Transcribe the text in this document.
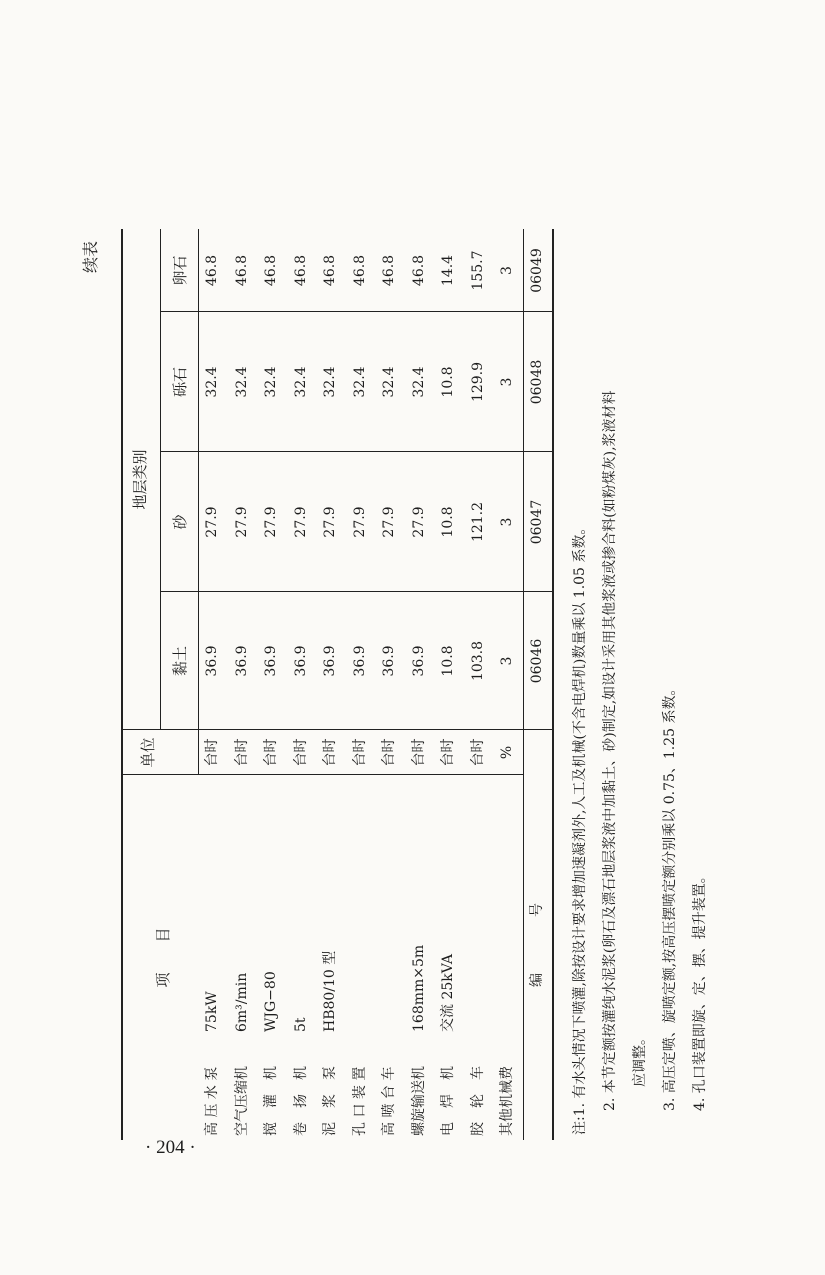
· 204 ·
续表
项　　目
单位
地层类别
黏土
砂
砾石
卵石
高 压 水 泵
75kW
台时
36.9
27.9
32.4
46.8
空气压缩机
6m³/min
台时
36.9
27.9
32.4
46.8
搅　灌　机
WJG−80
台时
36.9
27.9
32.4
46.8
卷　扬　机
5t
台时
36.9
27.9
32.4
46.8
泥　浆　泵
HB80/10 型
台时
36.9
27.9
32.4
46.8
孔 口 装 置
台时
36.9
27.9
32.4
46.8
高 喷 台 车
台时
36.9
27.9
32.4
46.8
螺旋输送机
168mm×5m
台时
36.9
27.9
32.4
46.8
电　焊　机
交流 25kVA
台时
10.8
10.8
10.8
14.4
胶　轮　车
台时
103.8
121.2
129.9
155.7
其他机械费
%
3
3
3
3
编　　　　号
06046
06047
06048
06049
注:1. 有水头情况下喷灌,除按设计要求增加速凝剂外,人工及机械(不含电焊机)数量乘以 1.05 系数。 2. 本节定额按灌纯水泥浆(卵石及漂石地层浆液中加黏土、砂)制定,如设计采用其他浆液或掺合料(如粉煤灰),浆液材料 应调整。 3. 高压定喷、旋喷定额,按高压摆喷定额分别乘以 0.75、1.25 系数。 4. 孔口装置即旋、定、摆、提升装置。
